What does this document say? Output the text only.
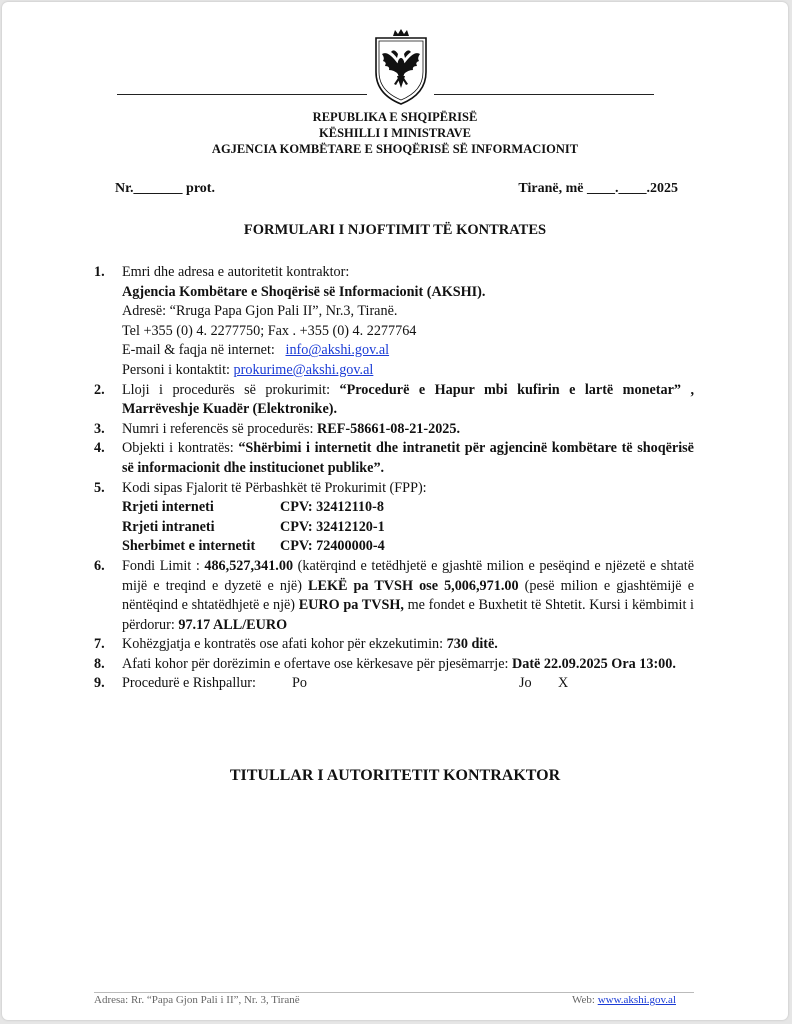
REPUBLIKA E SHQIPËRISË
KËSHILLI I MINISTRAVE
AGJENCIA KOMBËTARE E SHOQËRISË SË INFORMACIONIT
Nr._______ prot.	Tiranë, më ____.____.2025
FORMULARI I NJOFTIMIT TË KONTRATES
1. Emri dhe adresa e autoritetit kontraktor:
Agjencia Kombëtare e Shoqërisë së Informacionit (AKSHI).
Adresë: “Rruga Papa Gjon Pali II”, Nr.3, Tiranë.
Tel +355 (0) 4. 2277750; Fax . +355 (0) 4. 2277764
E-mail & faqja në internet:   info@akshi.gov.al
Personi i kontaktit: prokurime@akshi.gov.al
2. Lloji i procedurës së prokurimit: “Procedurë e Hapur mbi kufirin e lartë monetar” , Marrëveshje Kuadër (Elektronike).
3. Numri i referencës së procedurës: REF-58661-08-21-2025.
4. Objekti i kontratës: “Shërbimi i internetit dhe intranetit për agjencinë kombëtare të shoqërisë së informacionit dhe institucionet publike”.
5. Kodi sipas Fjalorit të Përbashkët të Prokurimit (FPP):
Rrjeti interneti	CPV: 32412110-8
Rrjeti intraneti	CPV: 32412120-1
Sherbimet e internetit	CPV: 72400000-4
6. Fondi Limit : 486,527,341.00 (katërqind e tetëdhjetë e gjashtë milion e pesëqind e njëzetë e shtatë mijë e treqind e dyzetë e një) LEKË pa TVSH ose 5,006,971.00 (pesë milion e gjashtëmijë e nëntëqind e shtatëdhjetë e një) EURO pa TVSH, me fondet e Buxhetit të Shtetit. Kursi i këmbimit i përdorur: 97.17 ALL/EURO
7. Kohëzgjatja e kontratës ose afati kohor për ekzekutimin: 730 ditë.
8. Afati kohor për dorëzimin e ofertave ose kërkesave për pjesëmarrje: Datë 22.09.2025 Ora 13:00.
9. Procedurë e Rishpallur:	Po	Jo X
TITULLAR I AUTORITETIT KONTRAKTOR
Adresa: Rr. “Papa Gjon Pali i II”, Nr. 3, Tiranë	Web: www.akshi.gov.al
